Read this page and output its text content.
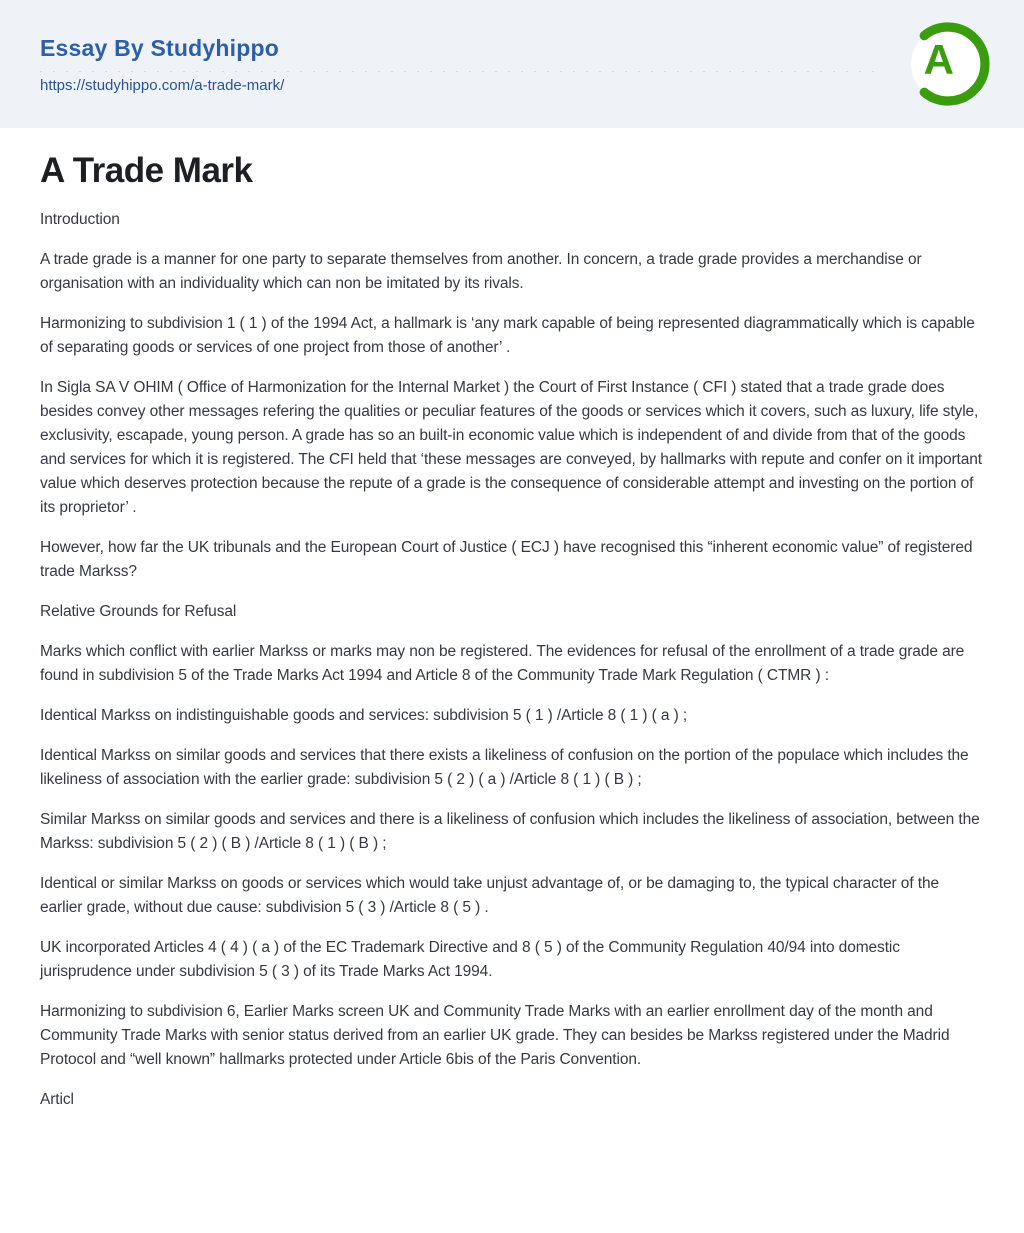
Essay By Studyhippo
https://studyhippo.com/a-trade-mark/
A
A Trade Mark

Introduction

A trade grade is a manner for one party to separate themselves from another. In concern, a trade grade provides a merchandise or organisation with an individuality which can non be imitated by its rivals.

Harmonizing to subdivision 1 ( 1 ) of the 1994 Act, a hallmark is ‘any mark capable of being represented diagrammatically which is capable of separating goods or services of one project from those of another’ .

In Sigla SA V OHIM ( Office of Harmonization for the Internal Market ) the Court of First Instance ( CFI ) stated that a trade grade does besides convey other messages refering the qualities or peculiar features of the goods or services which it covers, such as luxury, life style, exclusivity, escapade, young person. A grade has so an built-in economic value which is independent of and divide from that of the goods and services for which it is registered. The CFI held that ‘these messages are conveyed, by hallmarks with repute and confer on it important value which deserves protection because the repute of a grade is the consequence of considerable attempt and investing on the portion of its proprietor’ .

However, how far the UK tribunals and the European Court of Justice ( ECJ ) have recognised this “inherent economic value” of registered trade Markss?

Relative Grounds for Refusal

Marks which conflict with earlier Markss or marks may non be registered. The evidences for refusal of the enrollment of a trade grade are found in subdivision 5 of the Trade Marks Act 1994 and Article 8 of the Community Trade Mark Regulation ( CTMR ) :

Identical Markss on indistinguishable goods and services: subdivision 5 ( 1 ) /Article 8 ( 1 ) ( a ) ;

Identical Markss on similar goods and services that there exists a likeliness of confusion on the portion of the populace which includes the likeliness of association with the earlier grade: subdivision 5 ( 2 ) ( a ) /Article 8 ( 1 ) ( B ) ;

Similar Markss on similar goods and services and there is a likeliness of confusion which includes the likeliness of association, between the Markss: subdivision 5 ( 2 ) ( B ) /Article 8 ( 1 ) ( B ) ;

Identical or similar Markss on goods or services which would take unjust advantage of, or be damaging to, the typical character of the earlier grade, without due cause: subdivision 5 ( 3 ) /Article 8 ( 5 ) .

UK incorporated Articles 4 ( 4 ) ( a ) of the EC Trademark Directive and 8 ( 5 ) of the Community Regulation 40/94 into domestic jurisprudence under subdivision 5 ( 3 ) of its Trade Marks Act 1994.

Harmonizing to subdivision 6, Earlier Marks screen UK and Community Trade Marks with an earlier enrollment day of the month and Community Trade Marks with senior status derived from an earlier UK grade. They can besides be Markss registered under the Madrid Protocol and “well known” hallmarks protected under Article 6bis of the Paris Convention.

Articl
